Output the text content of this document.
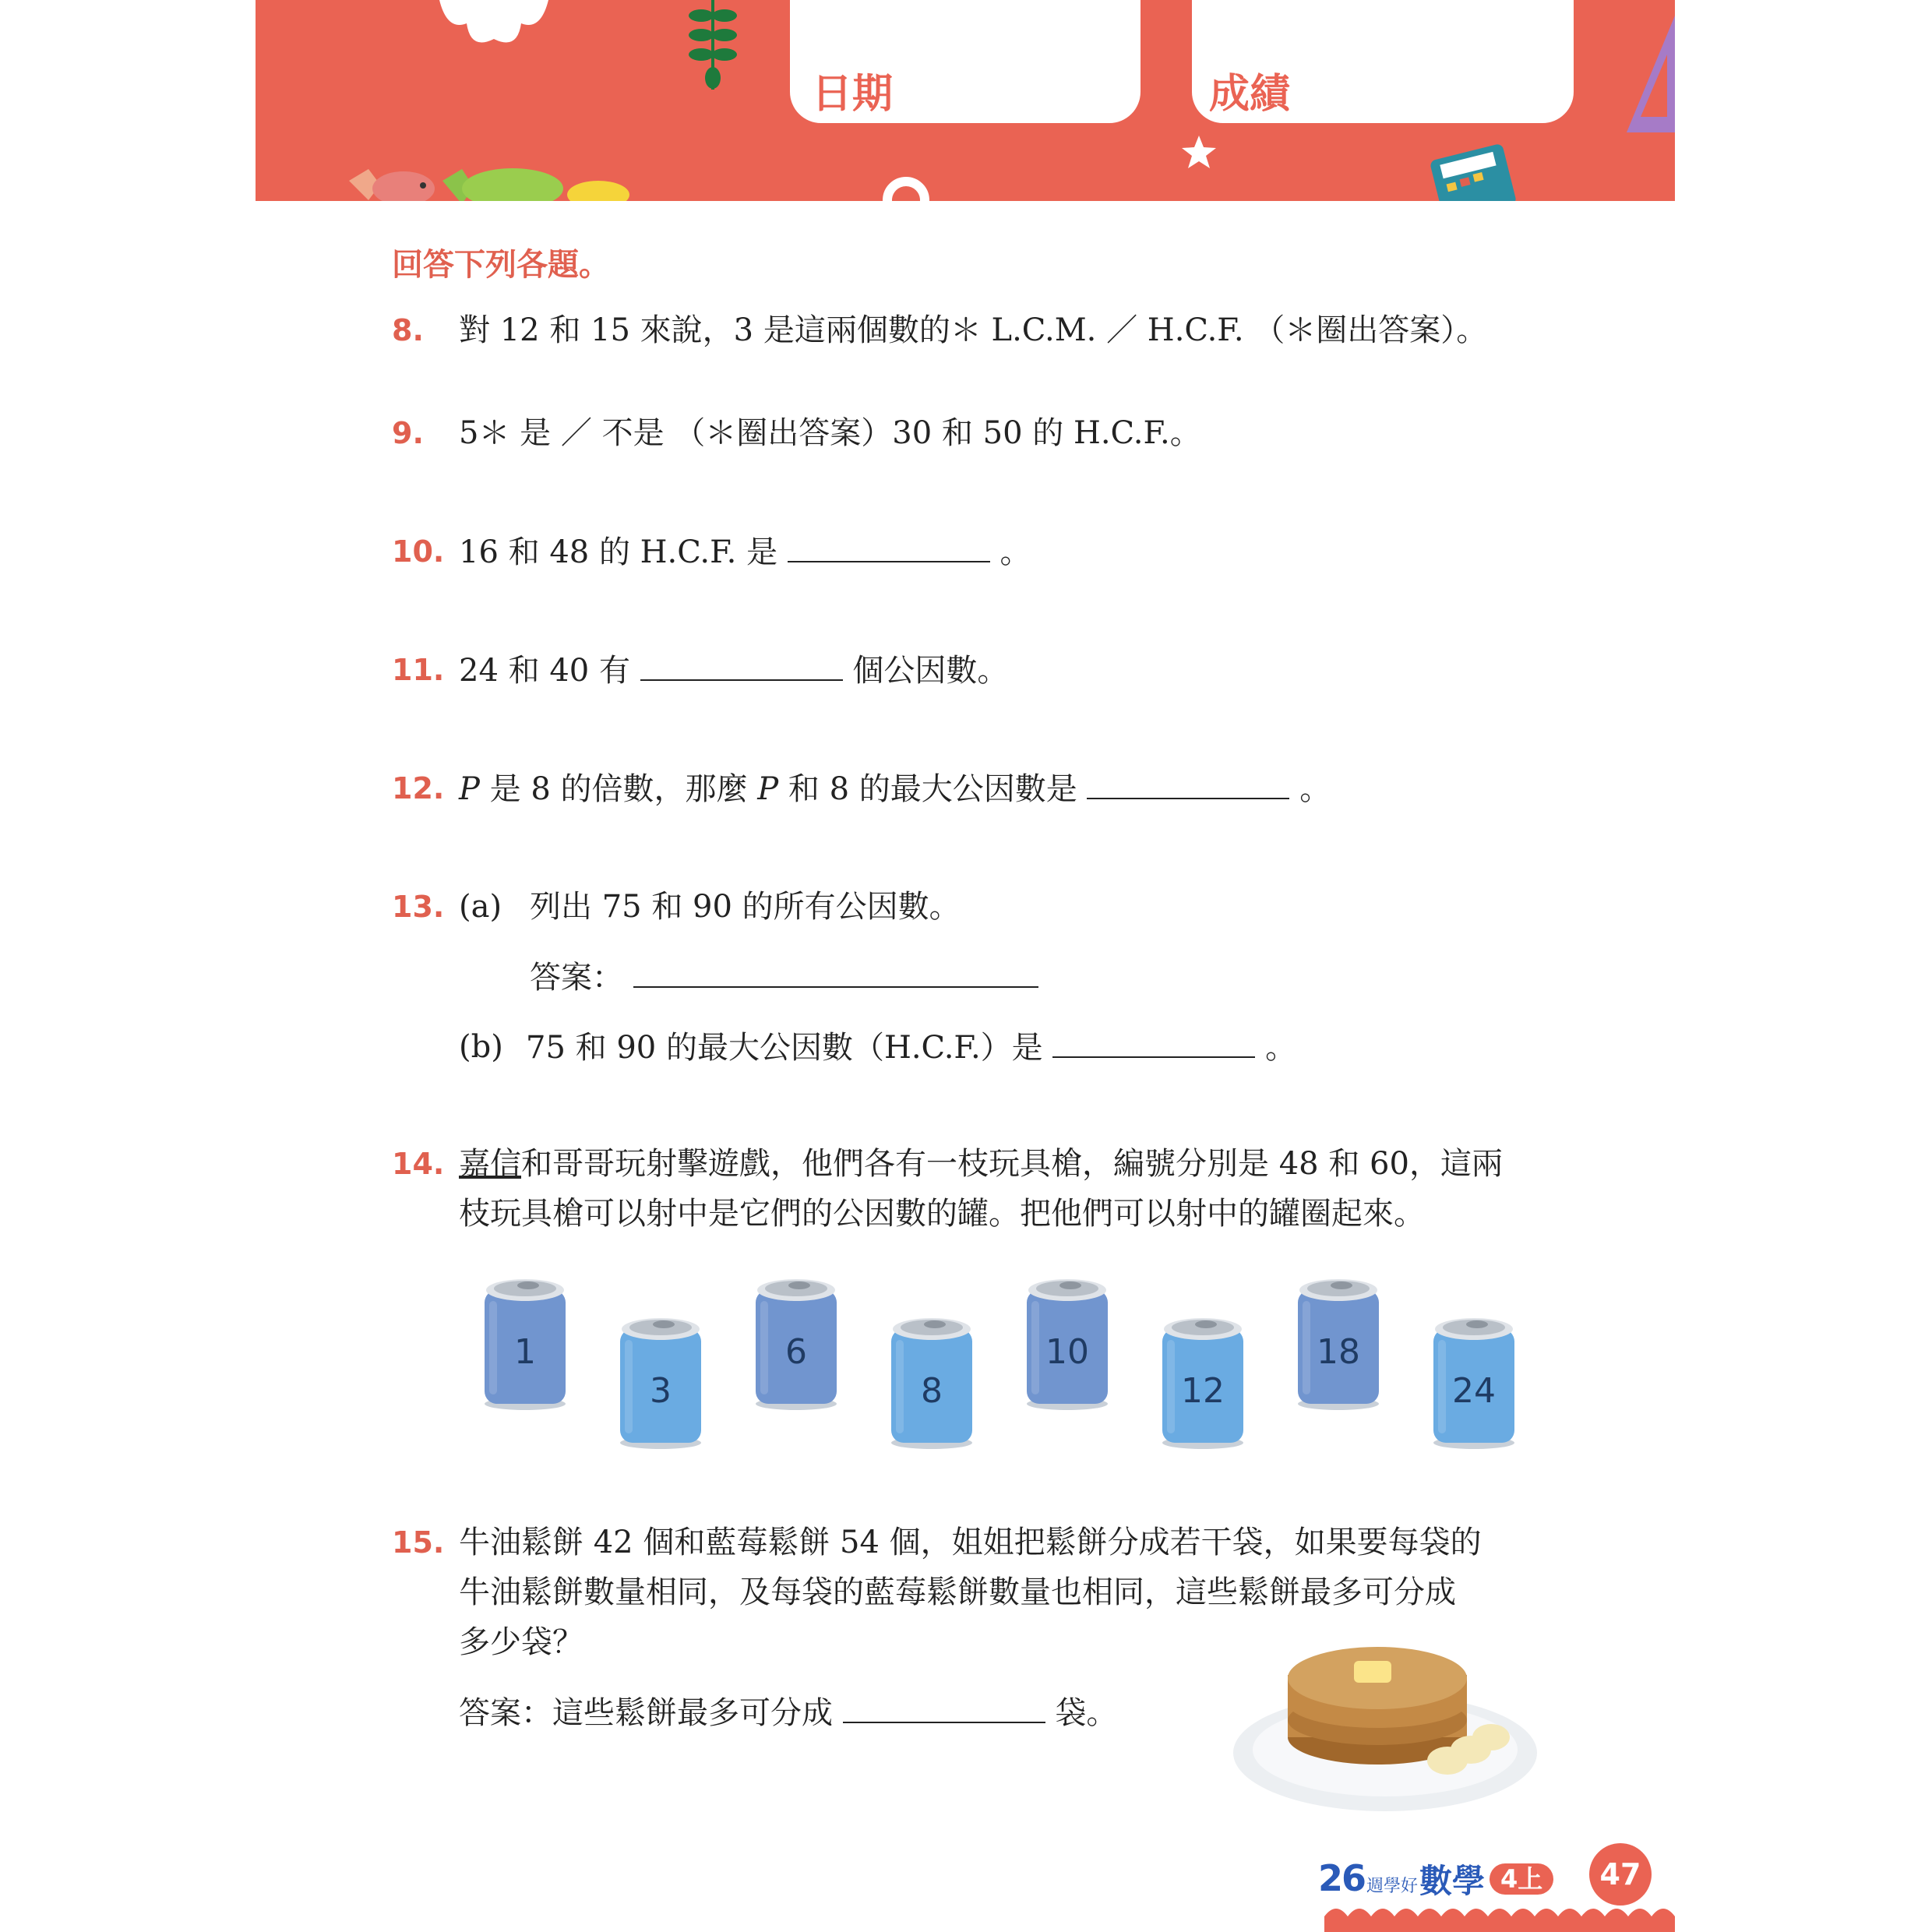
日期	成績
回答下列各題。
8. 對 12 和 15 來說，3 是這兩個數的＊ L.C.M. ／ H.C.F. （＊圈出答案）。
9. 5＊ 是 ／ 不是 （＊圈出答案）30 和 50 的 H.C.F.。
10. 16 和 48 的 H.C.F. 是	。
11. 24 和 40 有	個公因數。
12. P 是 8 的倍數，那麼 P 和 8 的最大公因數是	。
13. (a) 列出 75 和 90 的所有公因數。
答案：
(b) 75 和 90 的最大公因數（H.C.F.）是	。
14. 嘉信和哥哥玩射擊遊戲，他們各有一枝玩具槍，編號分別是 48 和 60，這兩
枝玩具槍可以射中是它們的公因數的罐。把他們可以射中的罐圈起來。
1
3
6
8
10
12
18
24
15. 牛油鬆餅 42 個和藍莓鬆餅 54 個，姐姐把鬆餅分成若干袋，如果要每袋的
牛油鬆餅數量相同，及每袋的藍莓鬆餅數量也相同，這些鬆餅最多可分成
多少袋？
答案：這些鬆餅最多可分成	袋。
26 週學好 數學 4上	47
